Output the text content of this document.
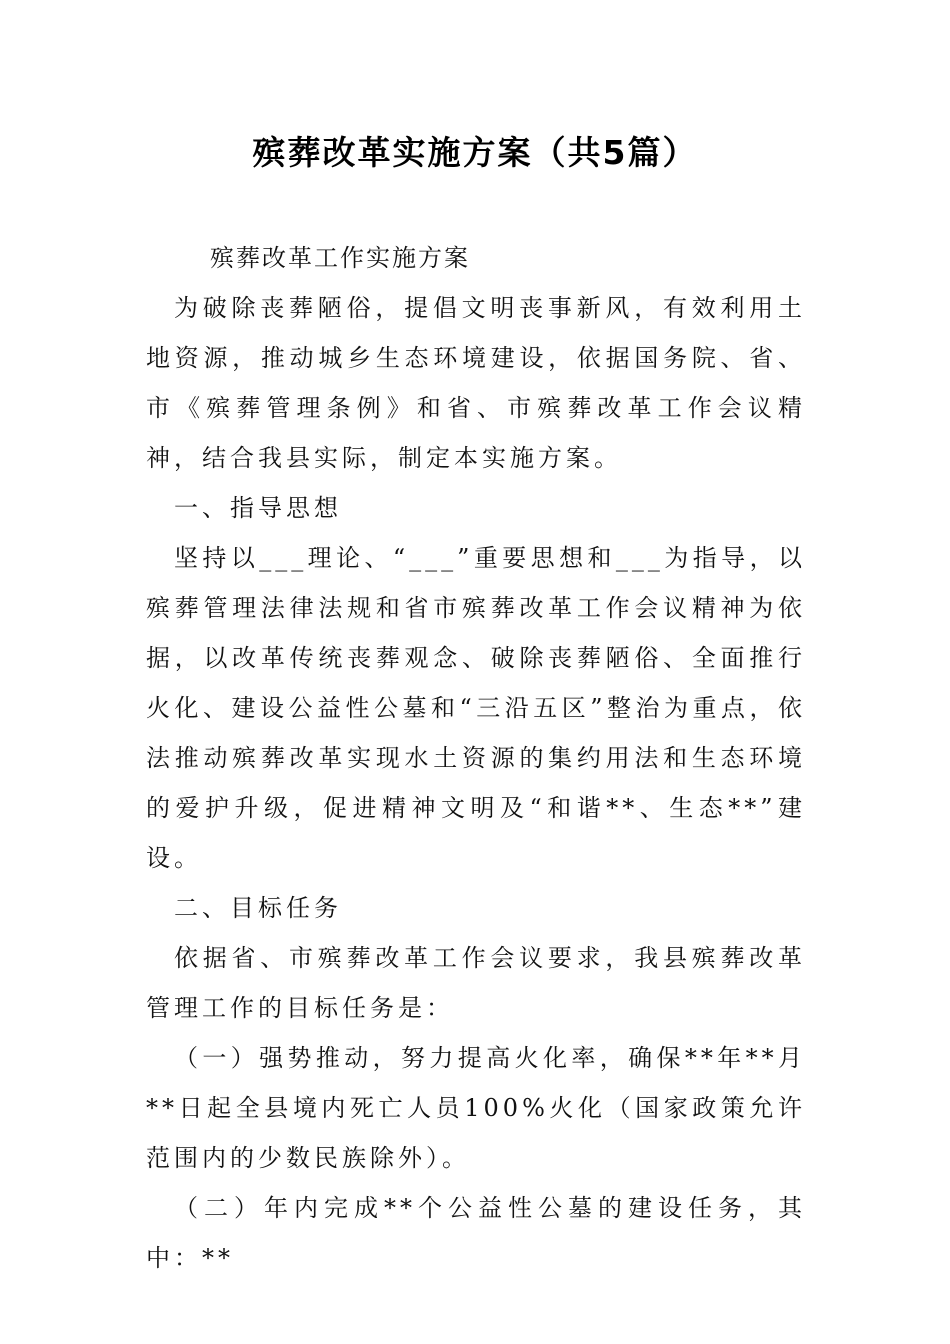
殡葬改革实施方案（共5篇）

殡葬改革工作实施方案

为破除丧葬陋俗，提倡文明丧事新风，有效利用土地资源，推动城乡生态环境建设，依据国务院、省、市《殡葬管理条例》和省、市殡葬改革工作会议精神，结合我县实际，制定本实施方案。

一、指导思想

坚持以___理论、“___”重要思想和___为指导，以殡葬管理法律法规和省市殡葬改革工作会议精神为依据，以改革传统丧葬观念、破除丧葬陋俗、全面推行火化、建设公益性公墓和“三沿五区”整治为重点，依法推动殡葬改革实现水土资源的集约用法和生态环境的爱护升级，促进精神文明及“和谐**、生态**”建设。

二、目标任务

依据省、市殡葬改革工作会议要求，我县殡葬改革管理工作的目标任务是：

（一）强势推动，努力提高火化率，确保**年**月**日起全县境内死亡人员100%火化（国家政策允许范围内的少数民族除外）。

（二）年内完成**个公益性公墓的建设任务，其中：**
